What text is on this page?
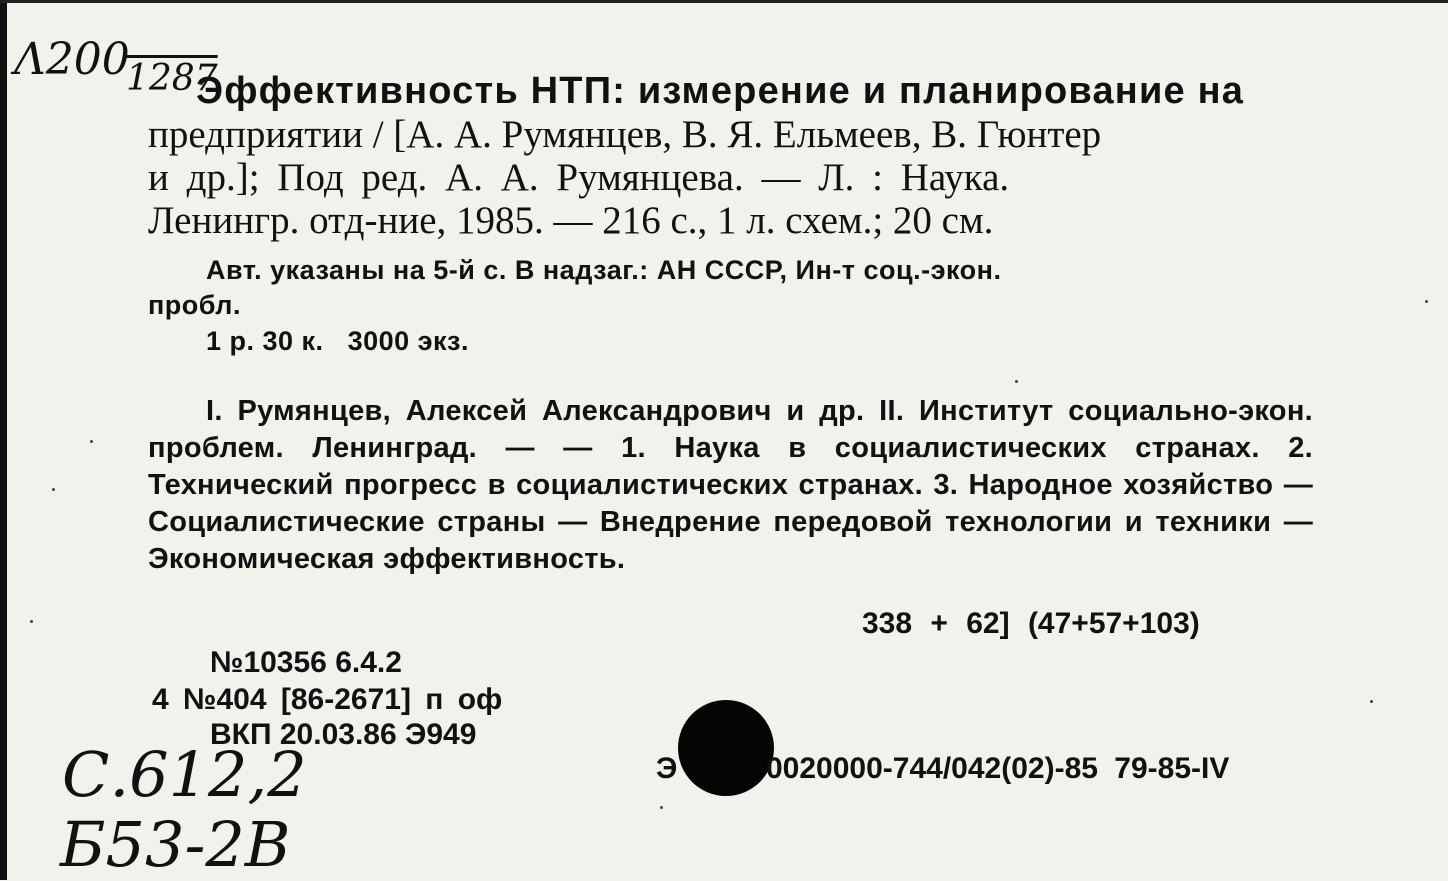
Λ200
1287
С.612,2
Б53-2В
Эффективность НТП: измерение и планирование на
предприятии / [А. А. Румянцев, В. Я. Ельмеев, В. Гюнтер
и др.]; Под ред. А. А. Румянцева. — Л. : Наука.
Ленингр. отд-ние, 1985. — 216 с., 1 л. схем.; 20 см.
Авт. указаны на 5-й с. В надзаг.: АН СССР, Ин-т соц.-экон.
пробл.
1 р. 30 к.   3000 экз.
I. Румянцев, Алексей Александрович и др. II. Институт социально-экон. проблем. Ленинград. — — 1. Наука в социалистических странах. 2. Технический прогресс в социалистических странах. 3. Народное хозяйство — Социалистические страны — Внедрение передовой технологии и техники — Экономическая эффективность.
338 + 62] (47+57+103)
№10356 6.4.2
4 №404 [86-2671] п оф
ВКП 20.03.86 Э949
Э	0020000-744/042(02)-85 79-85-IV
